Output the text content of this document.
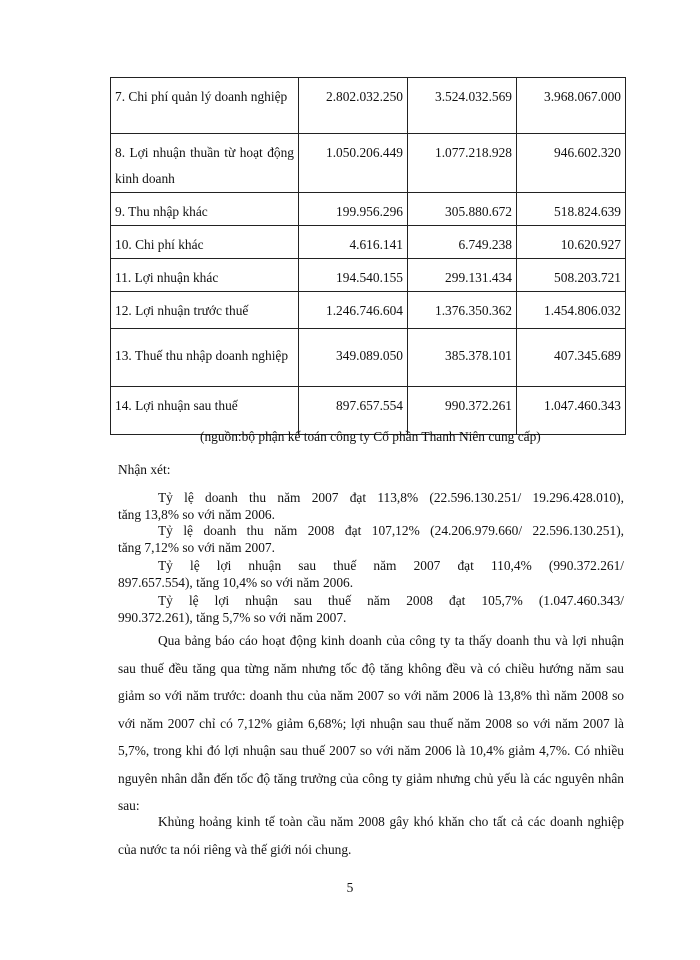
7. Chi phí quản lý doanh nghiệp	2.802.032.250	3.524.032.569	3.968.067.000
8. Lợi nhuận thuần từ hoạt động kinh doanh	1.050.206.449	1.077.218.928	946.602.320
9. Thu nhập khác	199.956.296	305.880.672	518.824.639
10. Chi phí khác	4.616.141	6.749.238	10.620.927
11. Lợi nhuận khác	194.540.155	299.131.434	508.203.721
12. Lợi nhuận trước thuế	1.246.746.604	1.376.350.362	1.454.806.032
13. Thuế thu nhập doanh nghiệp	349.089.050	385.378.101	407.345.689
14. Lợi nhuận sau thuế	897.657.554	990.372.261	1.047.460.343
(nguồn:bộ phận kế toán công ty Cổ phần Thanh Niên cung cấp)
Nhận xét:
Tỷ lệ doanh thu năm 2007 đạt 113,8% (22.596.130.251/ 19.296.428.010),
tăng 13,8% so với năm 2006.
Tỷ lệ doanh thu năm 2008 đạt 107,12% (24.206.979.660/ 22.596.130.251),
tăng 7,12% so với năm 2007.
Tỷ lệ lợi nhuận sau thuế năm 2007 đạt 110,4% (990.372.261/
897.657.554), tăng 10,4% so với năm 2006.
Tỷ lệ lợi nhuận sau thuế năm 2008 đạt 105,7% (1.047.460.343/
990.372.261), tăng 5,7% so với năm 2007.

Qua bảng báo cáo hoạt động kinh doanh của công ty ta thấy doanh thu và lợi nhuận sau thuế đều tăng qua từng năm nhưng tốc độ tăng không đều và có chiều hướng năm sau giảm so với năm trước: doanh thu của năm 2007 so với năm 2006 là 13,8% thì năm 2008 so với năm 2007 chỉ có 7,12% giảm 6,68%; lợi nhuận sau thuế năm 2008 so với năm 2007 là 5,7%, trong khi đó lợi nhuận sau thuế 2007 so với năm 2006 là 10,4% giảm 4,7%. Có nhiều nguyên nhân dẫn đến tốc độ tăng trưởng của công ty giảm nhưng chủ yếu là các nguyên nhân sau:

Khủng hoảng kinh tế toàn cầu năm 2008 gây khó khăn cho tất cả các doanh nghiệp của nước ta nói riêng và thế giới nói chung.

5
